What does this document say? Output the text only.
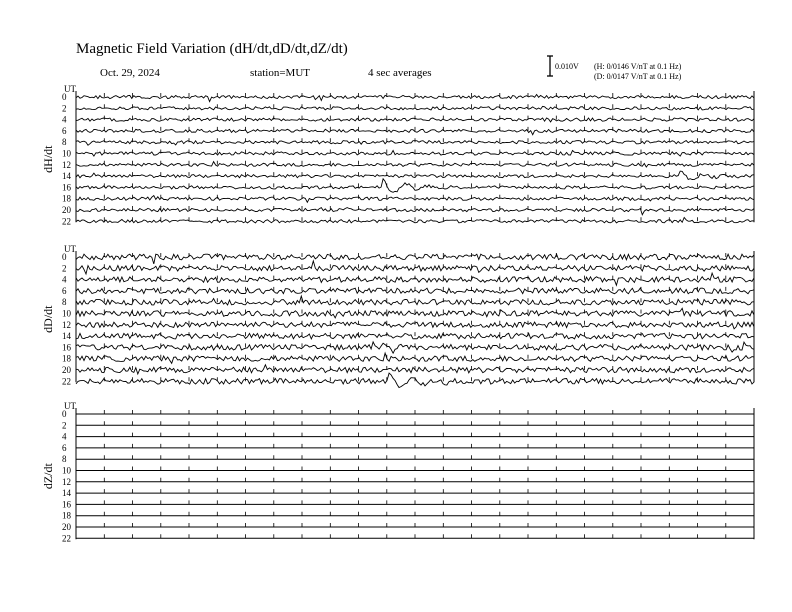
Magnetic Field Variation (dH/dt,dD/dt,dZ/dt)
Oct. 29, 2024	station=MUT	4 sec averages
0.010V (H: 0/0146 V/nT at 0.1 Hz)
(D: 0/0147 V/nT at 0.1 Hz)
UT
dH/dt
0
2
4
6
8
10
12
14
16
18
20
22
UT
dD/dt
0
2
4
6
8
10
12
14
16
18
20
22
UT
dZ/dt
0
2
4
6
8
10
12
14
16
18
20
22
